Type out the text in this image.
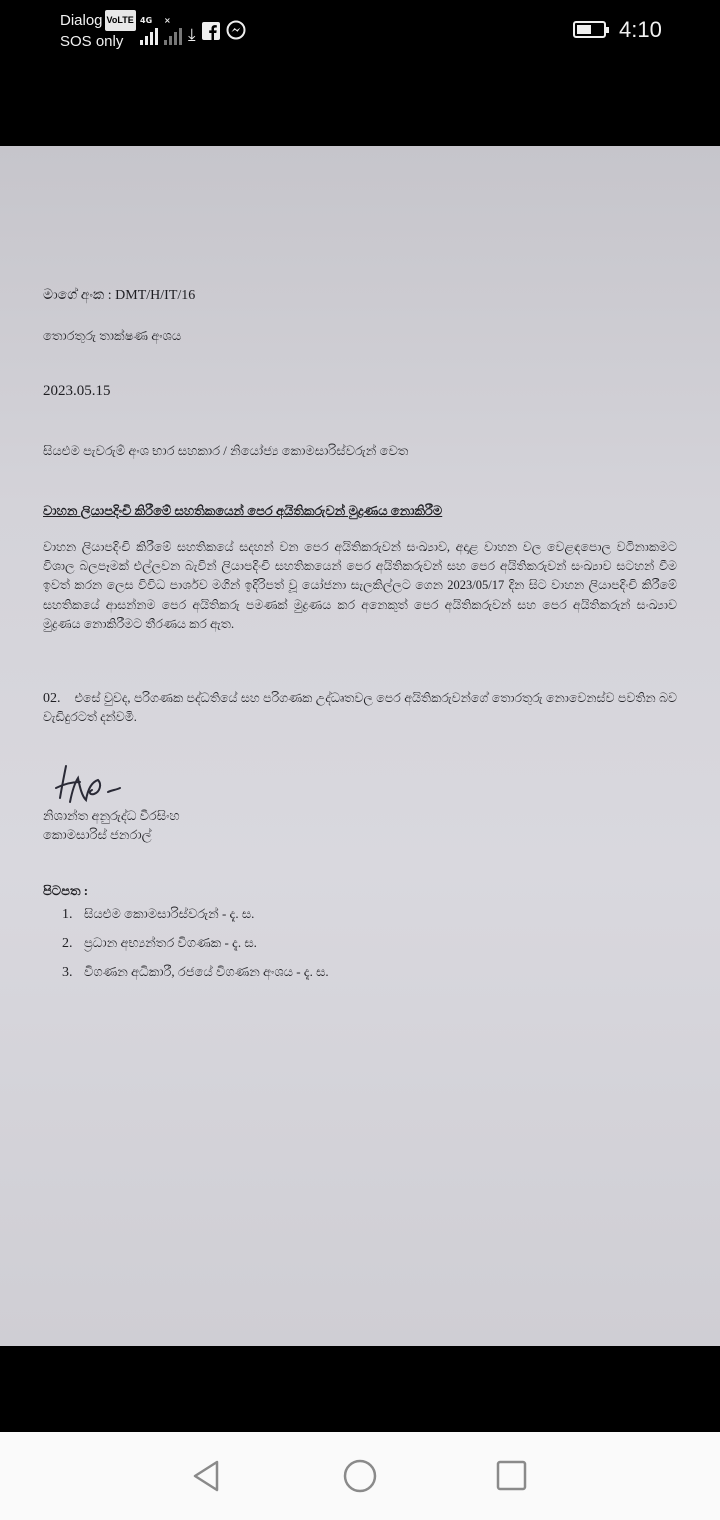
Dialog VoLTE
SOS only
4G ×
⤓	4:10
මාගේ අංක : DMT/H/IT/16
තොරතුරු තාක්ෂණ අංශය
2023.05.15
සියළුම පැවරුම් අංශ භාර සහකාර / නියෝජ්‍ය කොමසාරිස්වරුන් වෙත
වාහන ලියාපදිංචි කිරීමේ සහතිකයෙන් පෙර අයිතිකරුවන් මුද්‍රණය නොකිරීම
වාහන ලියාපදිංචි කිරීමේ සහතිකයේ සදහන් වන පෙර අයිතිකරුවන් සංඛ්‍යාව, අදාළ වාහන වල වෙළඳපොල වටිනාකමට විශාල බලපෑමක් එල්ලවන බැවින් ලියාපදිංචි සහතිකයෙන් පෙර අයිතිකරුවන් සහ පෙර අයිතිකරුවන් සංඛ්‍යාව සටහන් වීම ඉවත් කරන ලෙස විවිධ පාර්ශව මගින් ඉදිරිපත් වූ යෝජනා සැලකිල්ලට ගෙන 2023/05/17 දින සිට වාහන ලියාපදිංචි කිරීමේ සහතිකයේ ආසන්නම පෙර අයිතිකරු පමණක් මුද්‍රණය කර අනෙකුත් පෙර අයිතිකරුවන් සහ පෙර අයිතිකරුන් සංඛ්‍යාව මුද්‍රණය නොකිරීමට තීරණය කර ඇත.
02. එසේ වුවද, පරිගණක පද්ධතියේ සහ පරිගණක උද්ධෘතවල පෙර අයිතිකරුවන්ගේ තොරතුරු නොවෙනස්ව පවතින බව වැඩිදුරටත් දන්වමි.
නිශාන්ත අනුරුද්ධ වීරසිංහ
කොමසාරිස් ජනරාල්
පිටපත :
1. සියළුම කොමසාරිස්වරුන් - දැ. ස.
2. ප්‍රධාන අභ්‍යන්තර විගණක - දැ. ස.
3. විගණන අධිකාරී, රජයේ විගණන අංශය - දැ. ස.
